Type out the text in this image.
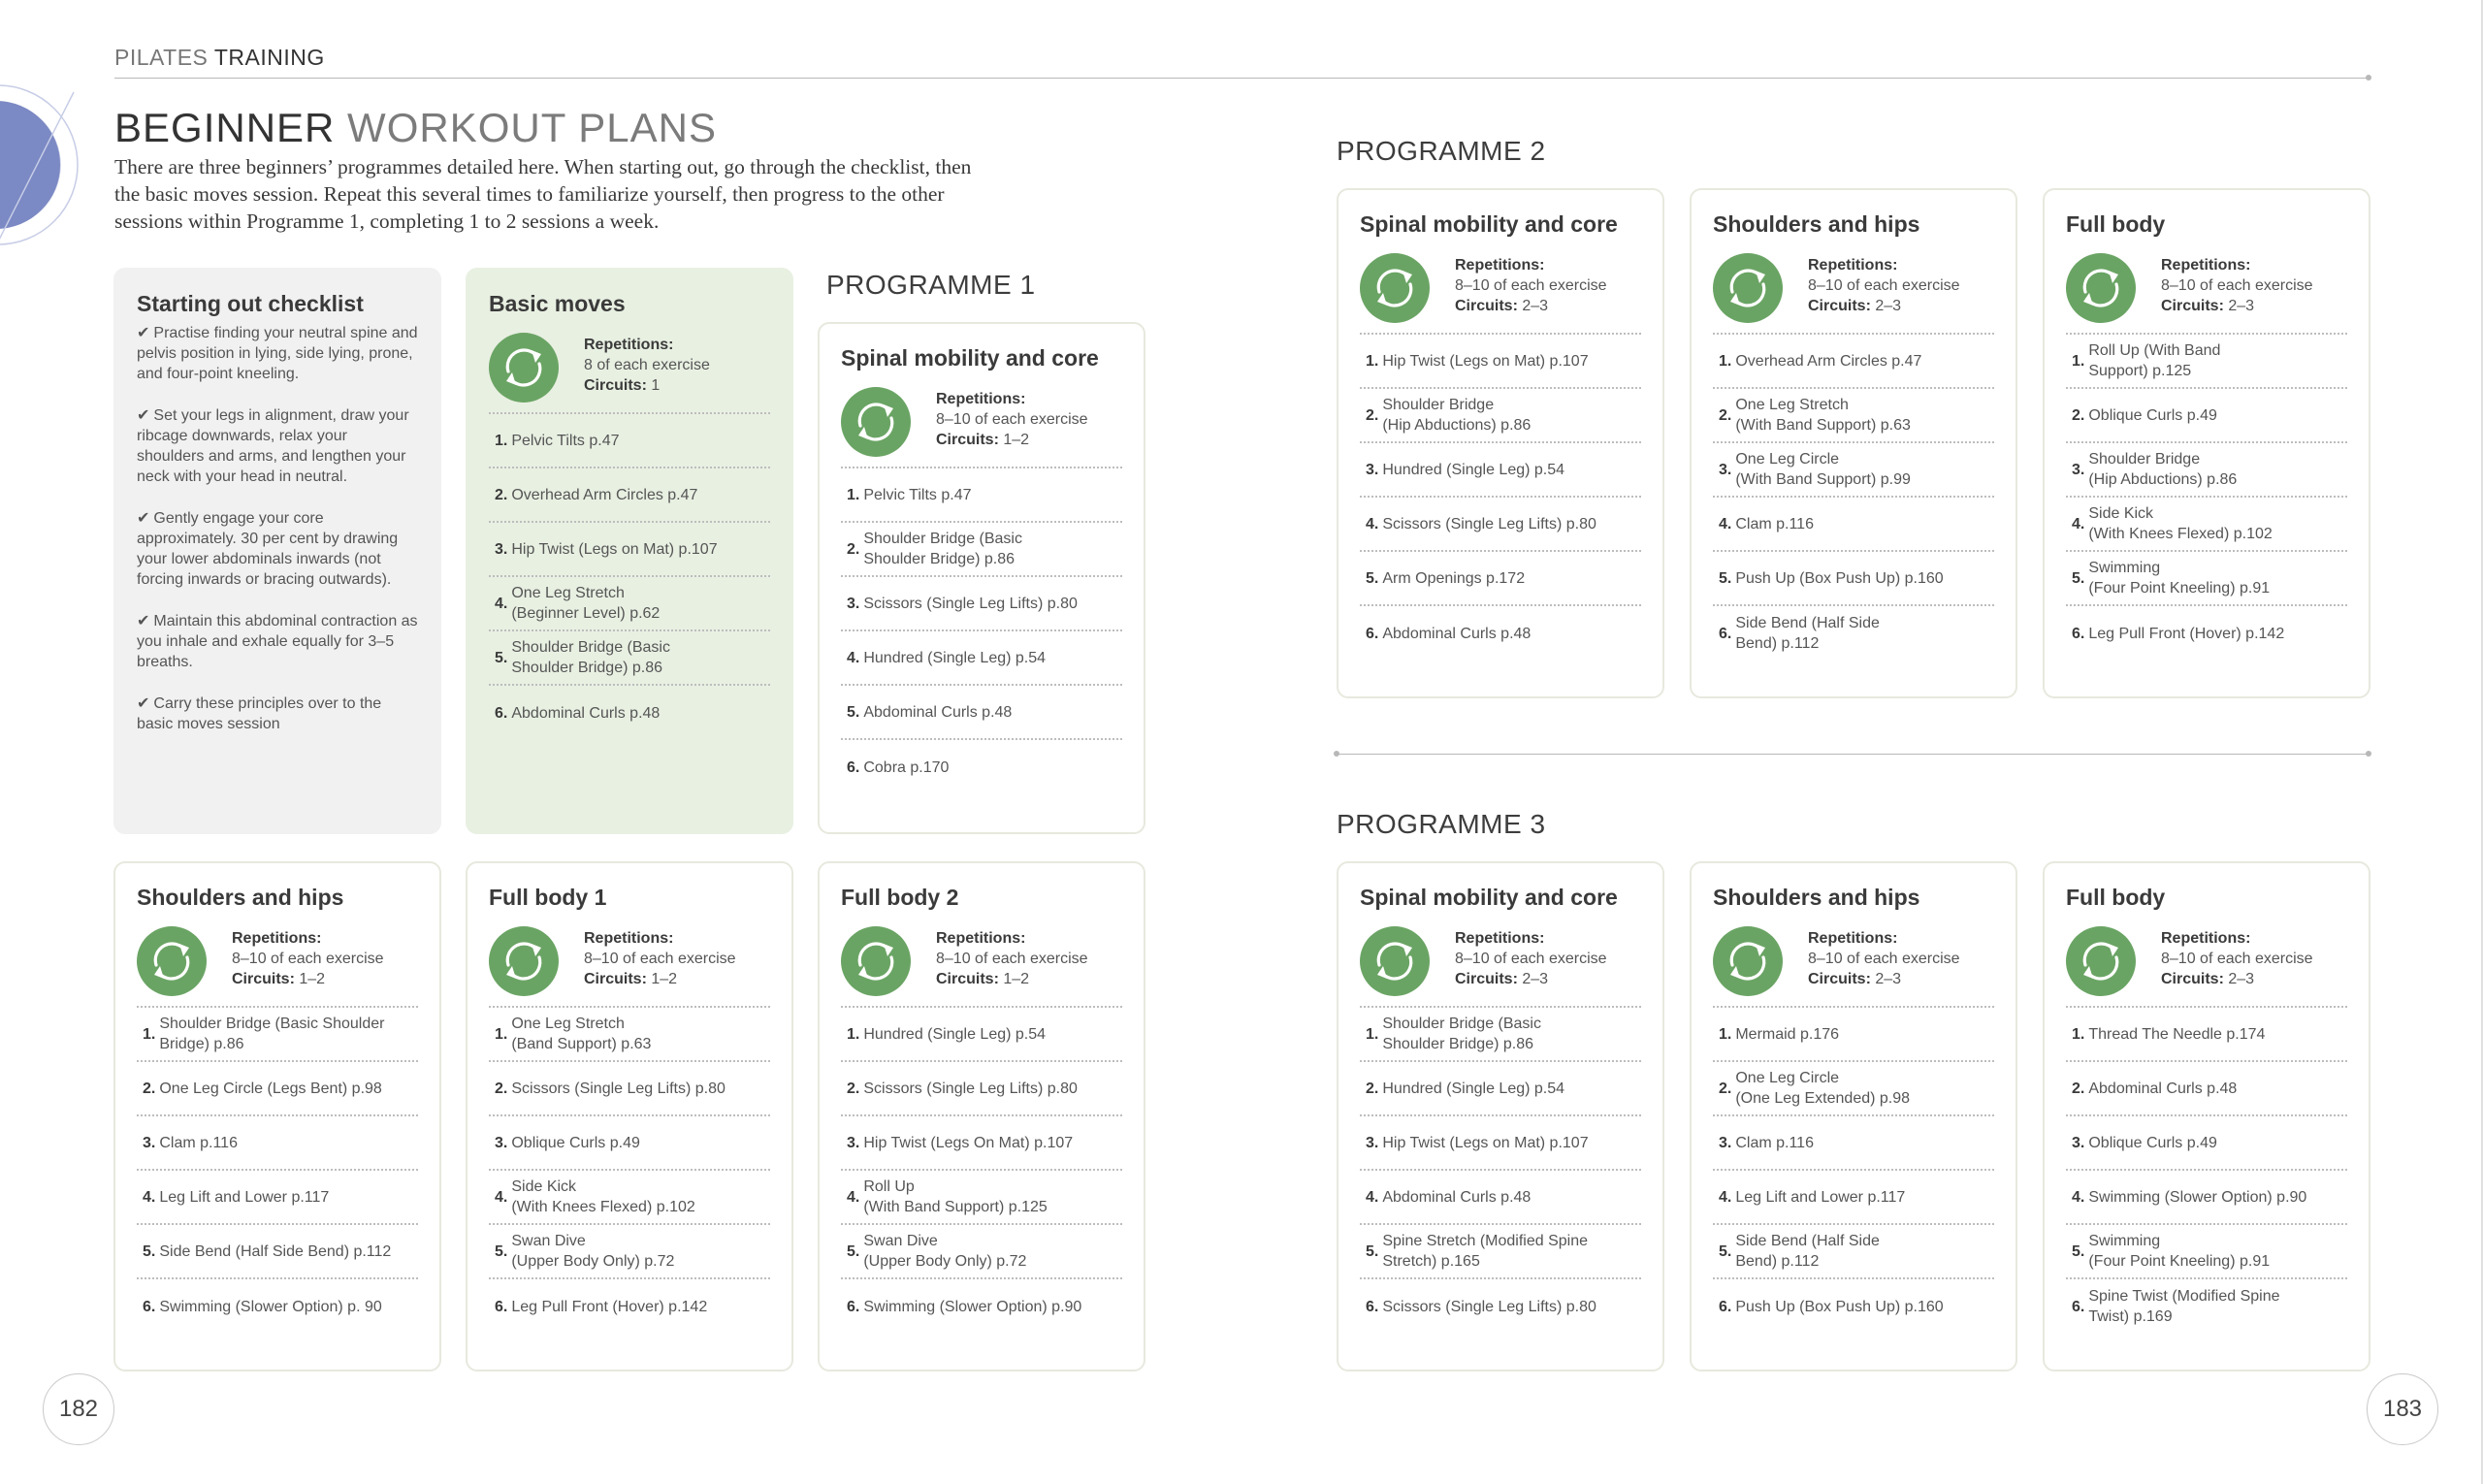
PILATES TRAINING
BEGINNER WORKOUT PLANS
There are three beginners’ programmes detailed here. When starting out, go through the checklist, then the basic moves session. Repeat this several times to familiarize yourself, then progress to the other sessions within Programme 1, completing 1 to 2 sessions a week.
Starting out checklist
✔ Practise finding your neutral spine and pelvis position in lying, side lying, prone, and four-point kneeling.
✔ Set your legs in alignment, draw your ribcage downwards, relax your shoulders and arms, and lengthen your neck with your head in neutral.
✔ Gently engage your core approximately. 30 per cent by drawing your lower abdominals inwards (not forcing inwards or bracing outwards).
✔ Maintain this abdominal contraction as you inhale and exhale equally for 3–5 breaths.
✔ Carry these principles over to the basic moves session
Basic moves
Repetitions:
8 of each exercise
Circuits: 1
1. Pelvic Tilts p.47
2. Overhead Arm Circles p.47
3. Hip Twist (Legs on Mat) p.107
4.
One Leg Stretch
(Beginner Level) p.62
5.
Shoulder Bridge (Basic
Shoulder Bridge) p.86
6. Abdominal Curls p.48
PROGRAMME 1
PROGRAMME 2
PROGRAMME 3
Spinal mobility and core
Repetitions:
8–10 of each exercise
Circuits: 1–2
1. Pelvic Tilts p.47
2.
Shoulder Bridge (Basic
Shoulder Bridge) p.86
3. Scissors (Single Leg Lifts) p.80
4. Hundred (Single Leg) p.54
5. Abdominal Curls p.48
6. Cobra p.170
Shoulders and hips
Repetitions:
8–10 of each exercise
Circuits: 1–2
1.
Shoulder Bridge (Basic Shoulder
Bridge) p.86
2. One Leg Circle (Legs Bent) p.98
3. Clam p.116
4. Leg Lift and Lower p.117
5. Side Bend (Half Side Bend) p.112
6. Swimming (Slower Option) p. 90
Full body 1
Repetitions:
8–10 of each exercise
Circuits: 1–2
1.
One Leg Stretch
(Band Support) p.63
2. Scissors (Single Leg Lifts) p.80
3. Oblique Curls p.49
4.
Side Kick
(With Knees Flexed) p.102
5.
Swan Dive
(Upper Body Only) p.72
6. Leg Pull Front (Hover) p.142
Full body 2
Repetitions:
8–10 of each exercise
Circuits: 1–2
1. Hundred (Single Leg) p.54
2. Scissors (Single Leg Lifts) p.80
3. Hip Twist (Legs On Mat) p.107
4.
Roll Up
(With Band Support) p.125
5.
Swan Dive
(Upper Body Only) p.72
6. Swimming (Slower Option) p.90
Spinal mobility and core
Repetitions:
8–10 of each exercise
Circuits: 2–3
1. Hip Twist (Legs on Mat) p.107
2.
Shoulder Bridge
(Hip Abductions) p.86
3. Hundred (Single Leg) p.54
4. Scissors (Single Leg Lifts) p.80
5. Arm Openings p.172
6. Abdominal Curls p.48
Shoulders and hips
Repetitions:
8–10 of each exercise
Circuits: 2–3
1. Overhead Arm Circles p.47
2.
One Leg Stretch
(With Band Support) p.63
3.
One Leg Circle
(With Band Support) p.99
4. Clam p.116
5. Push Up (Box Push Up) p.160
6.
Side Bend (Half Side
Bend) p.112
Full body
Repetitions:
8–10 of each exercise
Circuits: 2–3
1.
Roll Up (With Band
Support) p.125
2. Oblique Curls p.49
3.
Shoulder Bridge
(Hip Abductions) p.86
4.
Side Kick
(With Knees Flexed) p.102
5.
Swimming
(Four Point Kneeling) p.91
6. Leg Pull Front (Hover) p.142
Spinal mobility and core
Repetitions:
8–10 of each exercise
Circuits: 2–3
1.
Shoulder Bridge (Basic
Shoulder Bridge) p.86
2. Hundred (Single Leg) p.54
3. Hip Twist (Legs on Mat) p.107
4. Abdominal Curls p.48
5.
Spine Stretch (Modified Spine
Stretch) p.165
6. Scissors (Single Leg Lifts) p.80
Shoulders and hips
Repetitions:
8–10 of each exercise
Circuits: 2–3
1. Mermaid p.176
2.
One Leg Circle
(One Leg Extended) p.98
3. Clam p.116
4. Leg Lift and Lower p.117
5.
Side Bend (Half Side
Bend) p.112
6. Push Up (Box Push Up) p.160
Full body
Repetitions:
8–10 of each exercise
Circuits: 2–3
1. Thread The Needle p.174
2. Abdominal Curls p.48
3. Oblique Curls p.49
4. Swimming (Slower Option) p.90
5.
Swimming
(Four Point Kneeling) p.91
6.
Spine Twist (Modified Spine
Twist) p.169
182	183
